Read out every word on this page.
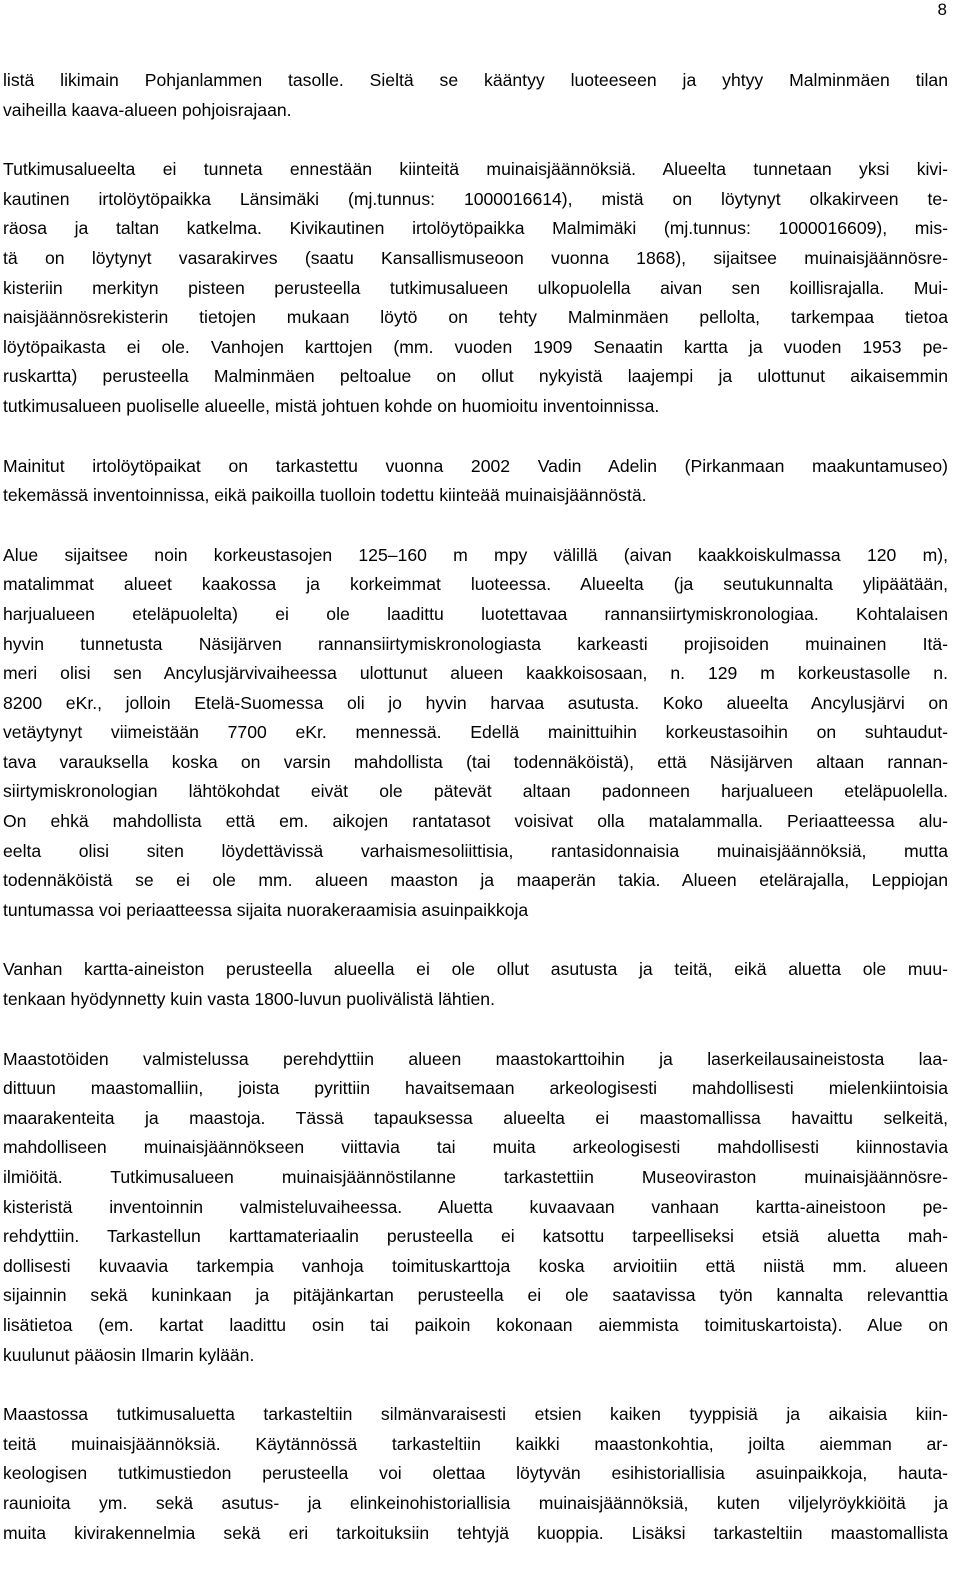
8
listä likimain Pohjanlammen tasolle. Sieltä se kääntyy luoteeseen ja yhtyy Malminmäen tilan
vaiheilla kaava-alueen pohjoisrajaan.
Tutkimusalueelta ei tunneta ennestään kiinteitä muinaisjäännöksiä. Alueelta tunnetaan yksi kivi-
kautinen irtolöytöpaikka Länsimäki (mj.tunnus: 1000016614), mistä on löytynyt olkakirveen te-
räosa ja taltan katkelma. Kivikautinen irtolöytöpaikka Malmimäki (mj.tunnus: 1000016609), mis-
tä on löytynyt vasarakirves (saatu Kansallismuseoon vuonna 1868), sijaitsee muinaisjäännösre-
kisteriin merkityn pisteen perusteella tutkimusalueen ulkopuolella aivan sen koillisrajalla. Mui-
naisjäännösrekisterin tietojen mukaan löytö on tehty Malminmäen pellolta, tarkempaa tietoa
löytöpaikasta ei ole. Vanhojen karttojen (mm. vuoden 1909 Senaatin kartta ja vuoden 1953 pe-
ruskartta) perusteella Malminmäen peltoalue on ollut nykyistä laajempi ja ulottunut aikaisemmin
tutkimusalueen puoliselle alueelle, mistä johtuen kohde on huomioitu inventoinnissa.
Mainitut irtolöytöpaikat on tarkastettu vuonna 2002 Vadin Adelin (Pirkanmaan maakuntamuseo)
tekemässä inventoinnissa, eikä paikoilla tuolloin todettu kiinteää muinaisjäännöstä.
Alue sijaitsee noin korkeustasojen 125–160 m mpy välillä (aivan kaakkoiskulmassa 120 m),
matalimmat alueet kaakossa ja korkeimmat luoteessa. Alueelta (ja seutukunnalta ylipäätään,
harjualueen eteläpuolelta) ei ole laadittu luotettavaa rannansiirtymiskronologiaa. Kohtalaisen
hyvin tunnetusta Näsijärven rannansiirtymiskronologiasta karkeasti projisoiden muinainen Itä-
meri olisi sen Ancylusjärvivaiheessa ulottunut alueen kaakkoisosaan, n. 129 m korkeustasolle n.
8200 eKr., jolloin Etelä-Suomessa oli jo hyvin harvaa asutusta. Koko alueelta Ancylusjärvi on
vetäytynyt viimeistään 7700 eKr. mennessä. Edellä mainittuihin korkeustasoihin on suhtaudut-
tava varauksella koska on varsin mahdollista (tai todennäköistä), että Näsijärven altaan rannan-
siirtymiskronologian lähtökohdat eivät ole pätevät altaan padonneen harjualueen eteläpuolella.
On ehkä mahdollista että em. aikojen rantatasot voisivat olla matalammalla. Periaatteessa alu-
eelta olisi siten löydettävissä varhaismesoliittisia, rantasidonnaisia muinaisjäännöksiä, mutta
todennäköistä se ei ole mm. alueen maaston ja maaperän takia. Alueen etelärajalla, Leppiojan
tuntumassa voi periaatteessa sijaita nuorakeraamisia asuinpaikkoja
Vanhan kartta-aineiston perusteella alueella ei ole ollut asutusta ja teitä, eikä aluetta ole muu-
tenkaan hyödynnetty kuin vasta 1800-luvun puolivälistä lähtien.
Maastotöiden valmistelussa perehdyttiin alueen maastokarttoihin ja laserkeilausaineistosta laa-
dittuun maastomalliin, joista pyrittiin havaitsemaan arkeologisesti mahdollisesti mielenkiintoisia
maarakenteita ja maastoja. Tässä tapauksessa alueelta ei maastomallissa havaittu selkeitä,
mahdolliseen muinaisjäännökseen viittavia tai muita arkeologisesti mahdollisesti kiinnostavia
ilmiöitä. Tutkimusalueen muinaisjäännöstilanne tarkastettiin Museoviraston muinaisjäännösre-
kisteristä inventoinnin valmisteluvaiheessa. Aluetta kuvaavaan vanhaan kartta-aineistoon pe-
rehdyttiin. Tarkastellun karttamateriaalin perusteella ei katsottu tarpeelliseksi etsiä aluetta mah-
dollisesti kuvaavia tarkempia vanhoja toimituskarttoja koska arvioitiin että niistä mm. alueen
sijainnin sekä kuninkaan ja pitäjänkartan perusteella ei ole saatavissa työn kannalta relevanttia
lisätietoa (em. kartat laadittu osin tai paikoin kokonaan aiemmista toimituskartoista). Alue on
kuulunut pääosin Ilmarin kylään.
Maastossa tutkimusaluetta tarkasteltiin silmänvaraisesti etsien kaiken tyyppisiä ja aikaisia kiin-
teitä muinaisjäännöksiä. Käytännössä tarkasteltiin kaikki maastonkohtia, joilta aiemman ar-
keologisen tutkimustiedon perusteella voi olettaa löytyvän esihistoriallisia asuinpaikkoja, hauta-
raunioita ym. sekä asutus- ja elinkeinohistoriallisia muinaisjäännöksiä, kuten viljelyröykkiöitä ja
muita kivirakennelmia sekä eri tarkoituksiin tehtyjä kuoppia. Lisäksi tarkasteltiin maastomallista
